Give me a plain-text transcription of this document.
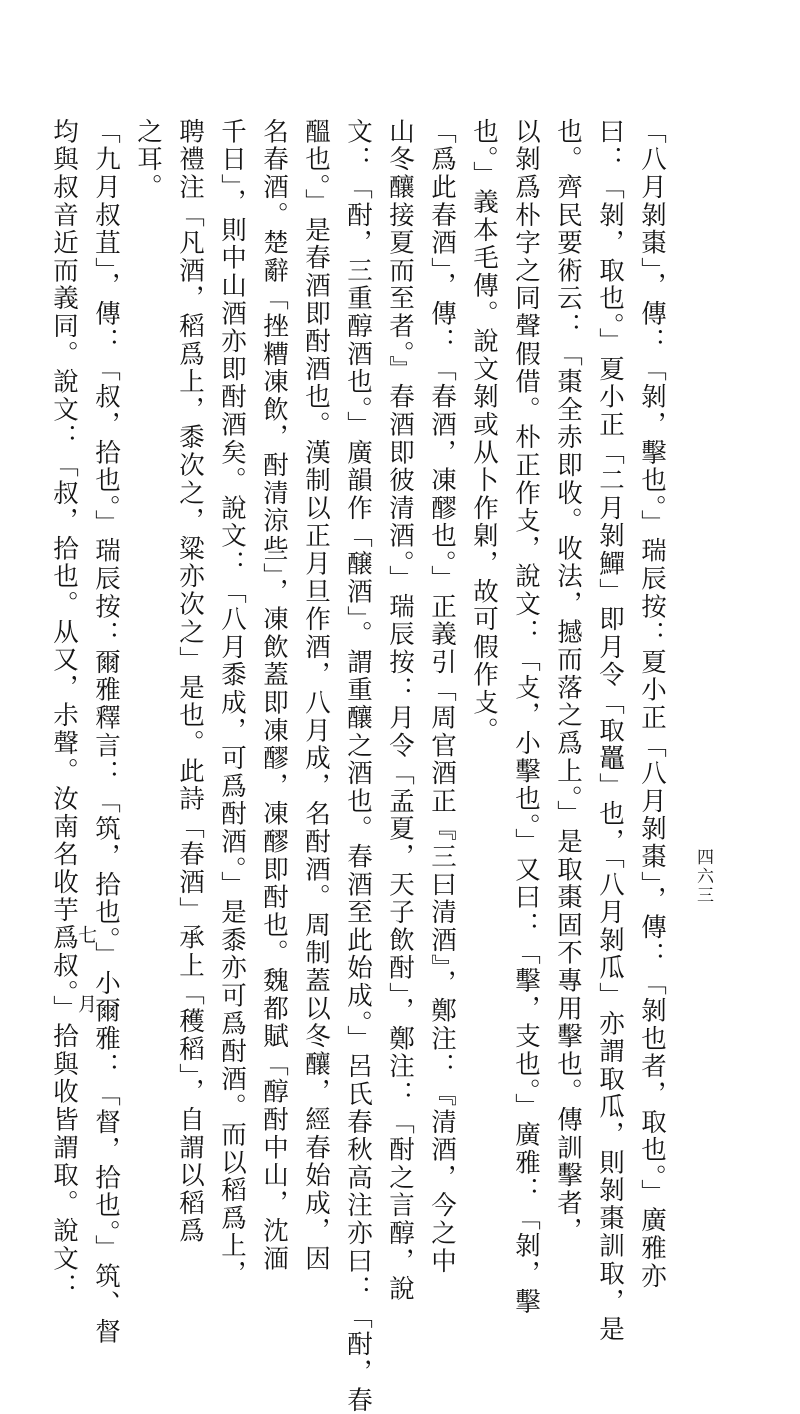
「八月剝棗」，傳：「剝，擊也。」瑞辰按：夏小正「八月剝棗」，傳：「剝也者，取也。」廣雅亦

曰：「剝，取也。」夏小正「二月剝鱓」即月令「取鼉」也，「八月剝瓜」亦謂取瓜，則剝棗訓取，是

也。齊民要術云：「棗全赤即收。收法，撼而落之爲上。」是取棗固不專用擊也。傳訓擊者，

以剝爲朴字之同聲假借。朴正作攴，說文：「攴，小擊也。」又曰：「擊，支也。」廣雅：「剝，擊

也。」義本毛傳。說文剝或从卜作㓷，故可假作攴。

「爲此春酒」，傳：「春酒，凍醪也。」正義引「周官酒正『三曰清酒』，鄭注：『清酒，今之中

山冬釀接夏而至者。』春酒即彼清酒。」瑞辰按：月令「孟夏，天子飲酎」，鄭注：「酎之言醇，說

文：「酎，三重醇酒也。」廣韻作「醸酒」。謂重釀之酒也。春酒至此始成。」呂氏春秋高注亦曰：「酎，春

醞也。」是春酒即酎酒也。漢制以正月旦作酒，八月成，名酎酒。周制蓋以冬釀，經春始成，因

名春酒。楚辭「挫糟凍飲，酎清涼些」，凍飲蓋即凍醪，凍醪即酎也。魏都賦「醇酎中山，沈湎

千日」，則中山酒亦即酎酒矣。說文：「八月黍成，可爲酎酒。」是黍亦可爲酎酒。而以稻爲上，

聘禮注「凡酒，稻爲上，黍次之，粱亦次之」是也。此詩「春酒」承上「穫稻」，自謂以稻爲

之耳。

「九月叔苴」，傳：「叔，拾也。」瑞辰按：爾雅釋言：「筑，拾也。」小爾雅：「督，拾也。」筑、督

均與叔音近而義同。說文：「叔，拾也。从又，尗聲。汝南名收芋爲叔。」拾與收皆謂取。說文：

七 月
四六三
